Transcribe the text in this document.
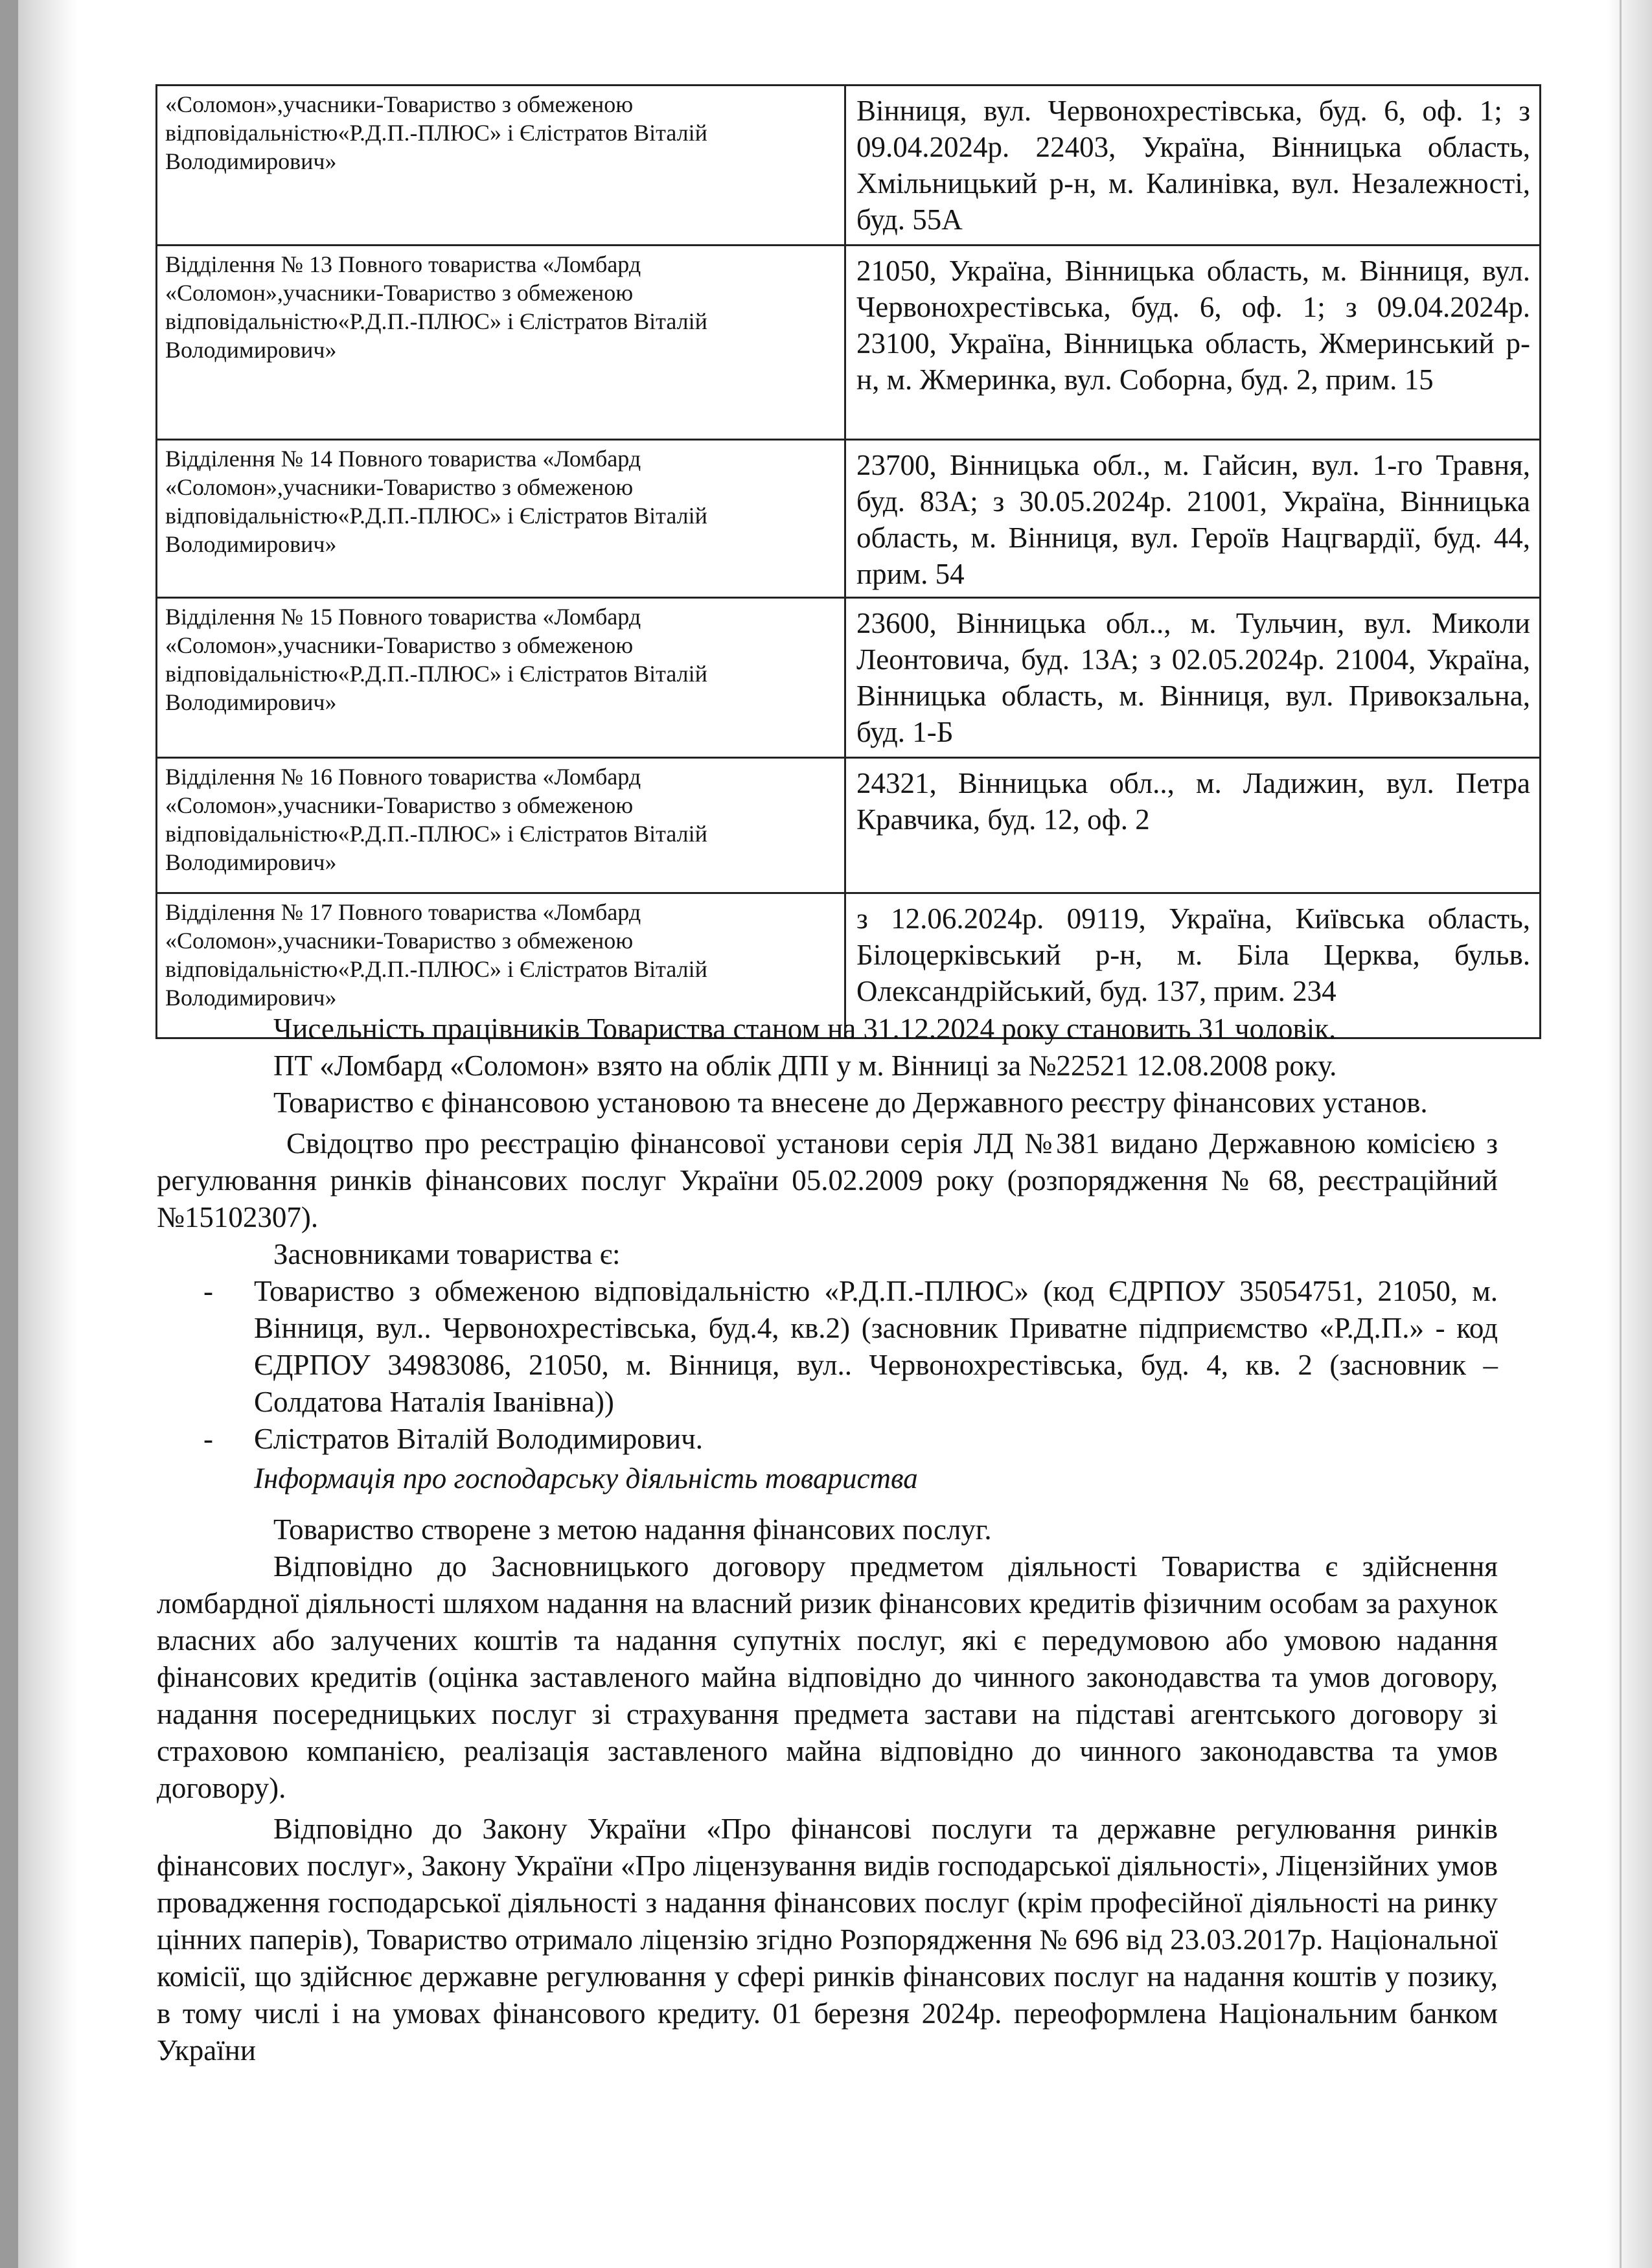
«Соломон»,учасники-Товариство з обмеженою відповідальністю«Р.Д.П.-ПЛЮС» і Єлістратов Віталій Володимирович»	Вінниця, вул. Червонохрестівська, буд. 6, оф. 1; з 09.04.2024р. 22403, Україна, Вінницька область, Хмільницький р-н, м. Калинівка, вул. Незалежності, буд. 55А
Відділення № 13 Повного товариства «Ломбард «Соломон»,учасники-Товариство з обмеженою відповідальністю«Р.Д.П.-ПЛЮС» і Єлістратов Віталій Володимирович»	21050, Україна, Вінницька область, м. Вінниця, вул. Червонохрестівська, буд. 6, оф. 1; з 09.04.2024р. 23100, Україна, Вінницька область, Жмеринський р-н, м. Жмеринка, вул. Соборна, буд. 2, прим. 15
Відділення № 14 Повного товариства «Ломбард «Соломон»,учасники-Товариство з обмеженою відповідальністю«Р.Д.П.-ПЛЮС» і Єлістратов Віталій Володимирович»	23700, Вінницька обл., м. Гайсин, вул. 1-го Травня, буд. 83А; з 30.05.2024р. 21001, Україна, Вінницька область, м. Вінниця, вул. Героїв Нацгвардії, буд. 44, прим. 54
Відділення № 15 Повного товариства «Ломбард «Соломон»,учасники-Товариство з обмеженою відповідальністю«Р.Д.П.-ПЛЮС» і Єлістратов Віталій Володимирович»	23600, Вінницька обл.., м. Тульчин, вул. Миколи Леонтовича, буд. 13А; з 02.05.2024р. 21004, Україна, Вінницька область, м. Вінниця, вул. Привокзальна, буд. 1-Б
Відділення № 16 Повного товариства «Ломбард «Соломон»,учасники-Товариство з обмеженою відповідальністю«Р.Д.П.-ПЛЮС» і Єлістратов Віталій Володимирович»	24321, Вінницька обл.., м. Ладижин, вул. Петра Кравчика, буд. 12, оф. 2
Відділення № 17 Повного товариства «Ломбард «Соломон»,учасники-Товариство з обмеженою відповідальністю«Р.Д.П.-ПЛЮС» і Єлістратов Віталій Володимирович»	з 12.06.2024р. 09119, Україна, Київська область, Білоцерківський р-н, м. Біла Церква, бульв. Олександрійський, буд. 137, прим. 234

Чисельність працівників Товариства станом на 31.12.2024 року становить 31 чоловік.

ПТ «Ломбард «Соломон» взято на облік ДПІ у м. Вінниці за №22521 12.08.2008 року.

Товариство є фінансовою установою та внесене до Державного реєстру фінансових установ.

Свідоцтво про реєстрацію фінансової установи серія ЛД №381 видано Державною комісією з регулювання ринків фінансових послуг України 05.02.2009 року (розпорядження № 68, реєстраційний №15102307).

Засновниками товариства є:

-	Товариство з обмеженою відповідальністю «Р.Д.П.-ПЛЮС» (код ЄДРПОУ 35054751, 21050, м. Вінниця, вул.. Червонохрестівська, буд.4, кв.2) (засновник Приватне підприємство «Р.Д.П.» - код ЄДРПОУ 34983086, 21050, м. Вінниця, вул.. Червонохрестівська, буд. 4, кв. 2 (засновник – Солдатова Наталія Іванівна))
-	Єлістратов Віталій Володимирович.

Інформація про господарську діяльність товариства

Товариство створене з метою надання фінансових послуг.

Відповідно до Засновницького договору предметом діяльності Товариства є здійснення ломбардної діяльності шляхом надання на власний ризик фінансових кредитів фізичним особам за рахунок власних або залучених коштів та надання супутніх послуг, які є передумовою або умовою надання фінансових кредитів (оцінка заставленого майна відповідно до чинного законодавства та умов договору, надання посередницьких послуг зі страхування предмета застави на підставі агентського договору зі страховою компанією, реалізація заставленого майна відповідно до чинного законодавства та умов договору).

Відповідно до Закону України «Про фінансові послуги та державне регулювання ринків фінансових послуг», Закону України «Про ліцензування видів господарської діяльності», Ліцензійних умов провадження господарської діяльності з надання фінансових послуг (крім професійної діяльності на ринку цінних паперів), Товариство отримало ліцензію згідно Розпорядження № 696 від 23.03.2017р. Національної комісії, що здійснює державне регулювання у сфері ринків фінансових послуг на надання коштів у позику, в тому числі і на умовах фінансового кредиту. 01 березня 2024р. переоформлена Національним банком України
